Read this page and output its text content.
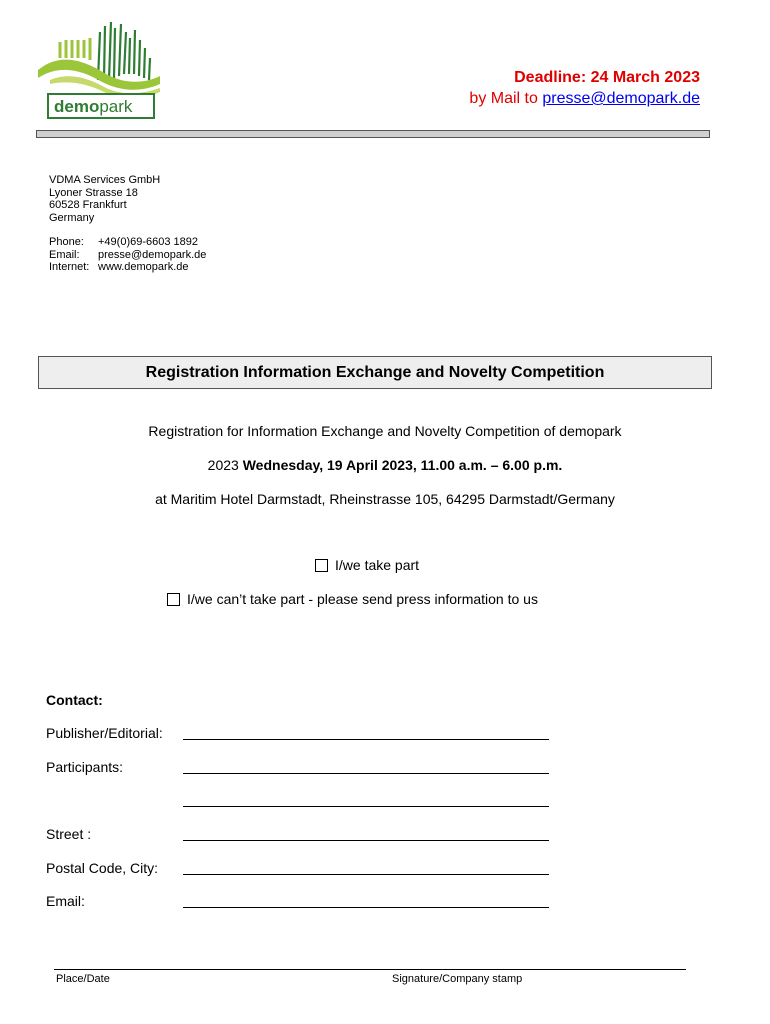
demopark
Deadline: 24 March 2023
by Mail to presse@demopark.de
VDMA Services GmbH
Lyoner Strasse 18
60528 Frankfurt
Germany
Phone: +49(0)69-6603 1892
Email: presse@demopark.de
Internet: www.demopark.de
Registration Information Exchange and Novelty Competition
Registration for Information Exchange and Novelty Competition of demopark
2023 Wednesday, 19 April 2023, 11.00 a.m. – 6.00 p.m.
at Maritim Hotel Darmstadt, Rheinstrasse 105, 64295 Darmstadt/Germany
I/we take part
I/we can’t take part - please send press information to us
Contact:
Publisher/Editorial:
Participants:
Street :
Postal Code, City:
Email:
Place/Date	Signature/Company stamp
